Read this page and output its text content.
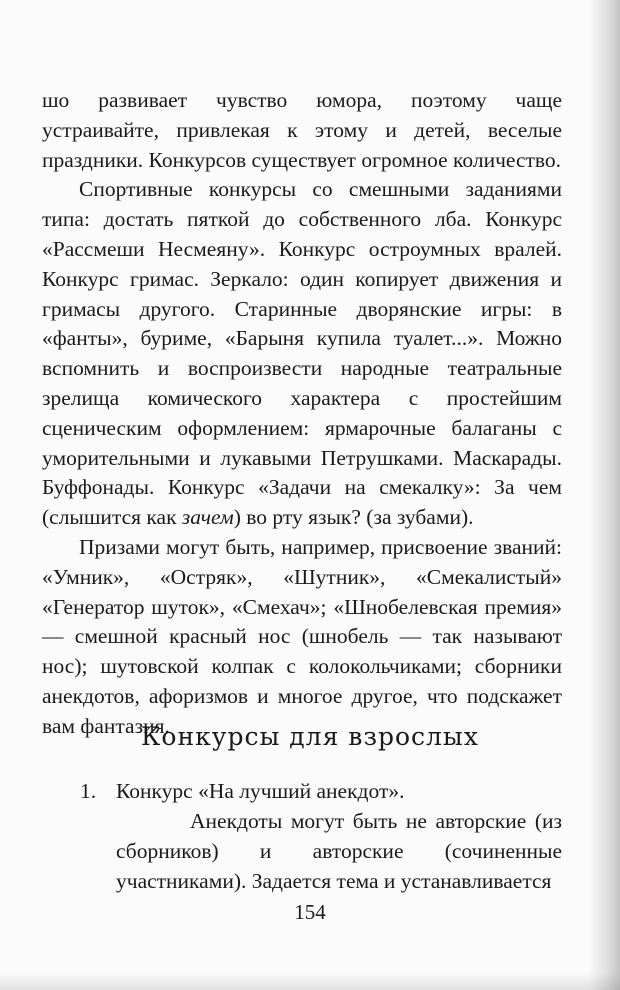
шо развивает чувство юмора, поэтому чаще устраивайте, привлекая к этому и детей, веселые праздники. Конкурсов существует огромное количество.

Спортивные конкурсы со смешными заданиями типа: достать пяткой до собственного лба. Конкурс «Рассмеши Несмеяну». Конкурс остроумных вралей. Конкурс гримас. Зеркало: один копирует движения и гримасы другого. Старинные дворянские игры: в «фанты», буриме, «Барыня купила туалет...». Можно вспомнить и воспроизвести народные театральные зрелища комического характера с простейшим сценическим оформлением: ярмарочные балаганы с уморительными и лукавыми Петрушками. Маскарады. Буффонады. Конкурс «Задачи на смекалку»: За чем (слышится как зачем) во рту язык? (за зубами).

Призами могут быть, например, присвоение званий: «Умник», «Остряк», «Шутник», «Смекалистый» «Генератор шуток», «Смехач»; «Шнобелевская премия» — смешной красный нос (шнобель — так называют нос); шутовской колпак с колокольчиками; сборники анекдотов, афоризмов и многое другое, что подскажет вам фантазия.

Конкурсы для взрослых

1. Конкурс «На лучший анекдот».

Анекдоты могут быть не авторские (из сборников) и авторские (сочиненные участниками). Задается тема и устанавливается

154
